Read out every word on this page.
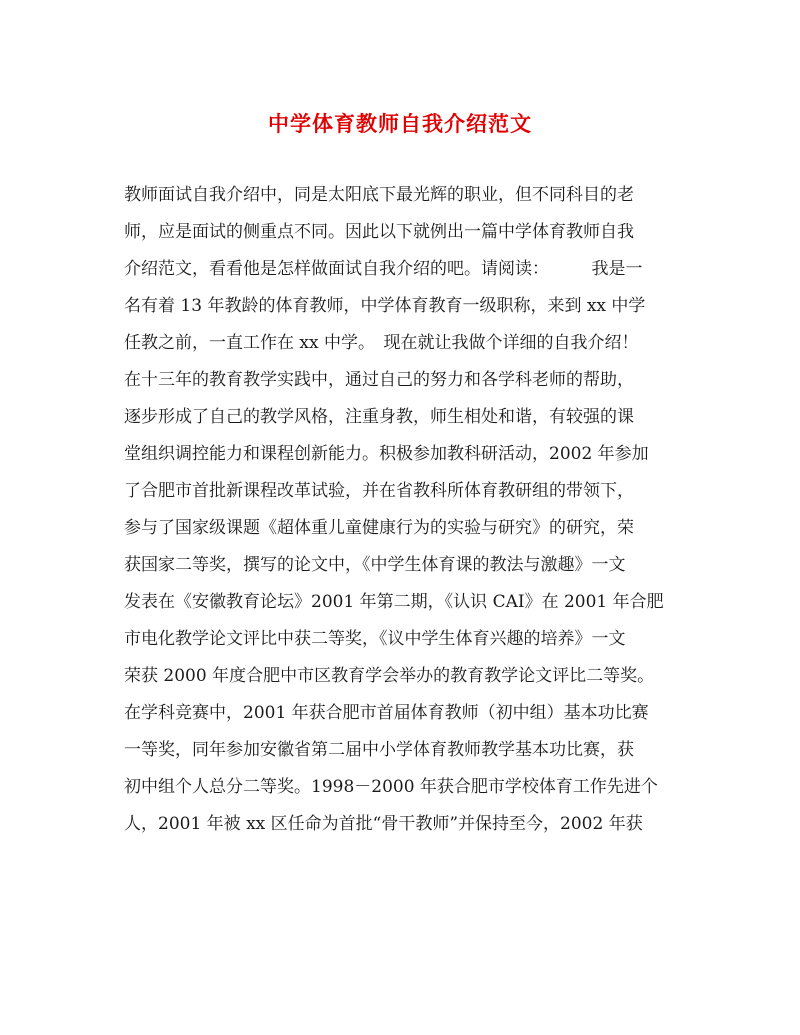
中学体育教师自我介绍范文
教师面试自我介绍中，同是太阳底下最光辉的职业，但不同科目的老
师，应是面试的侧重点不同。因此以下就例出一篇中学体育教师自我
介绍范文，看看他是怎样做面试自我介绍的吧。请阅读：　　　我是一
名有着 13 年教龄的体育教师，中学体育教育一级职称，来到 xx 中学
任教之前，一直工作在 xx 中学。　现在就让我做个详细的自我介绍！
在十三年的教育教学实践中，通过自己的努力和各学科老师的帮助，
逐步形成了自己的教学风格，注重身教，师生相处和谐，有较强的课
堂组织调控能力和课程创新能力。积极参加教科研活动，2002 年参加
了合肥市首批新课程改革试验，并在省教科所体育教研组的带领下，
参与了国家级课题《超体重儿童健康行为的实验与研究》的研究，荣
获国家二等奖，撰写的论文中，《中学生体育课的教法与激趣》一文
发表在《安徽教育论坛》2001 年第二期，《认识 CAI》在 2001 年合肥
市电化教学论文评比中获二等奖，《议中学生体育兴趣的培养》一文
荣获 2000 年度合肥中市区教育学会举办的教育教学论文评比二等奖。
在学科竞赛中，2001 年获合肥市首届体育教师（初中组）基本功比赛
一等奖，同年参加安徽省第二届中小学体育教师教学基本功比赛，获
初中组个人总分二等奖。1998－2000 年获合肥市学校体育工作先进个
人，2001 年被 xx 区任命为首批“骨干教师”并保持至今，2002 年获
